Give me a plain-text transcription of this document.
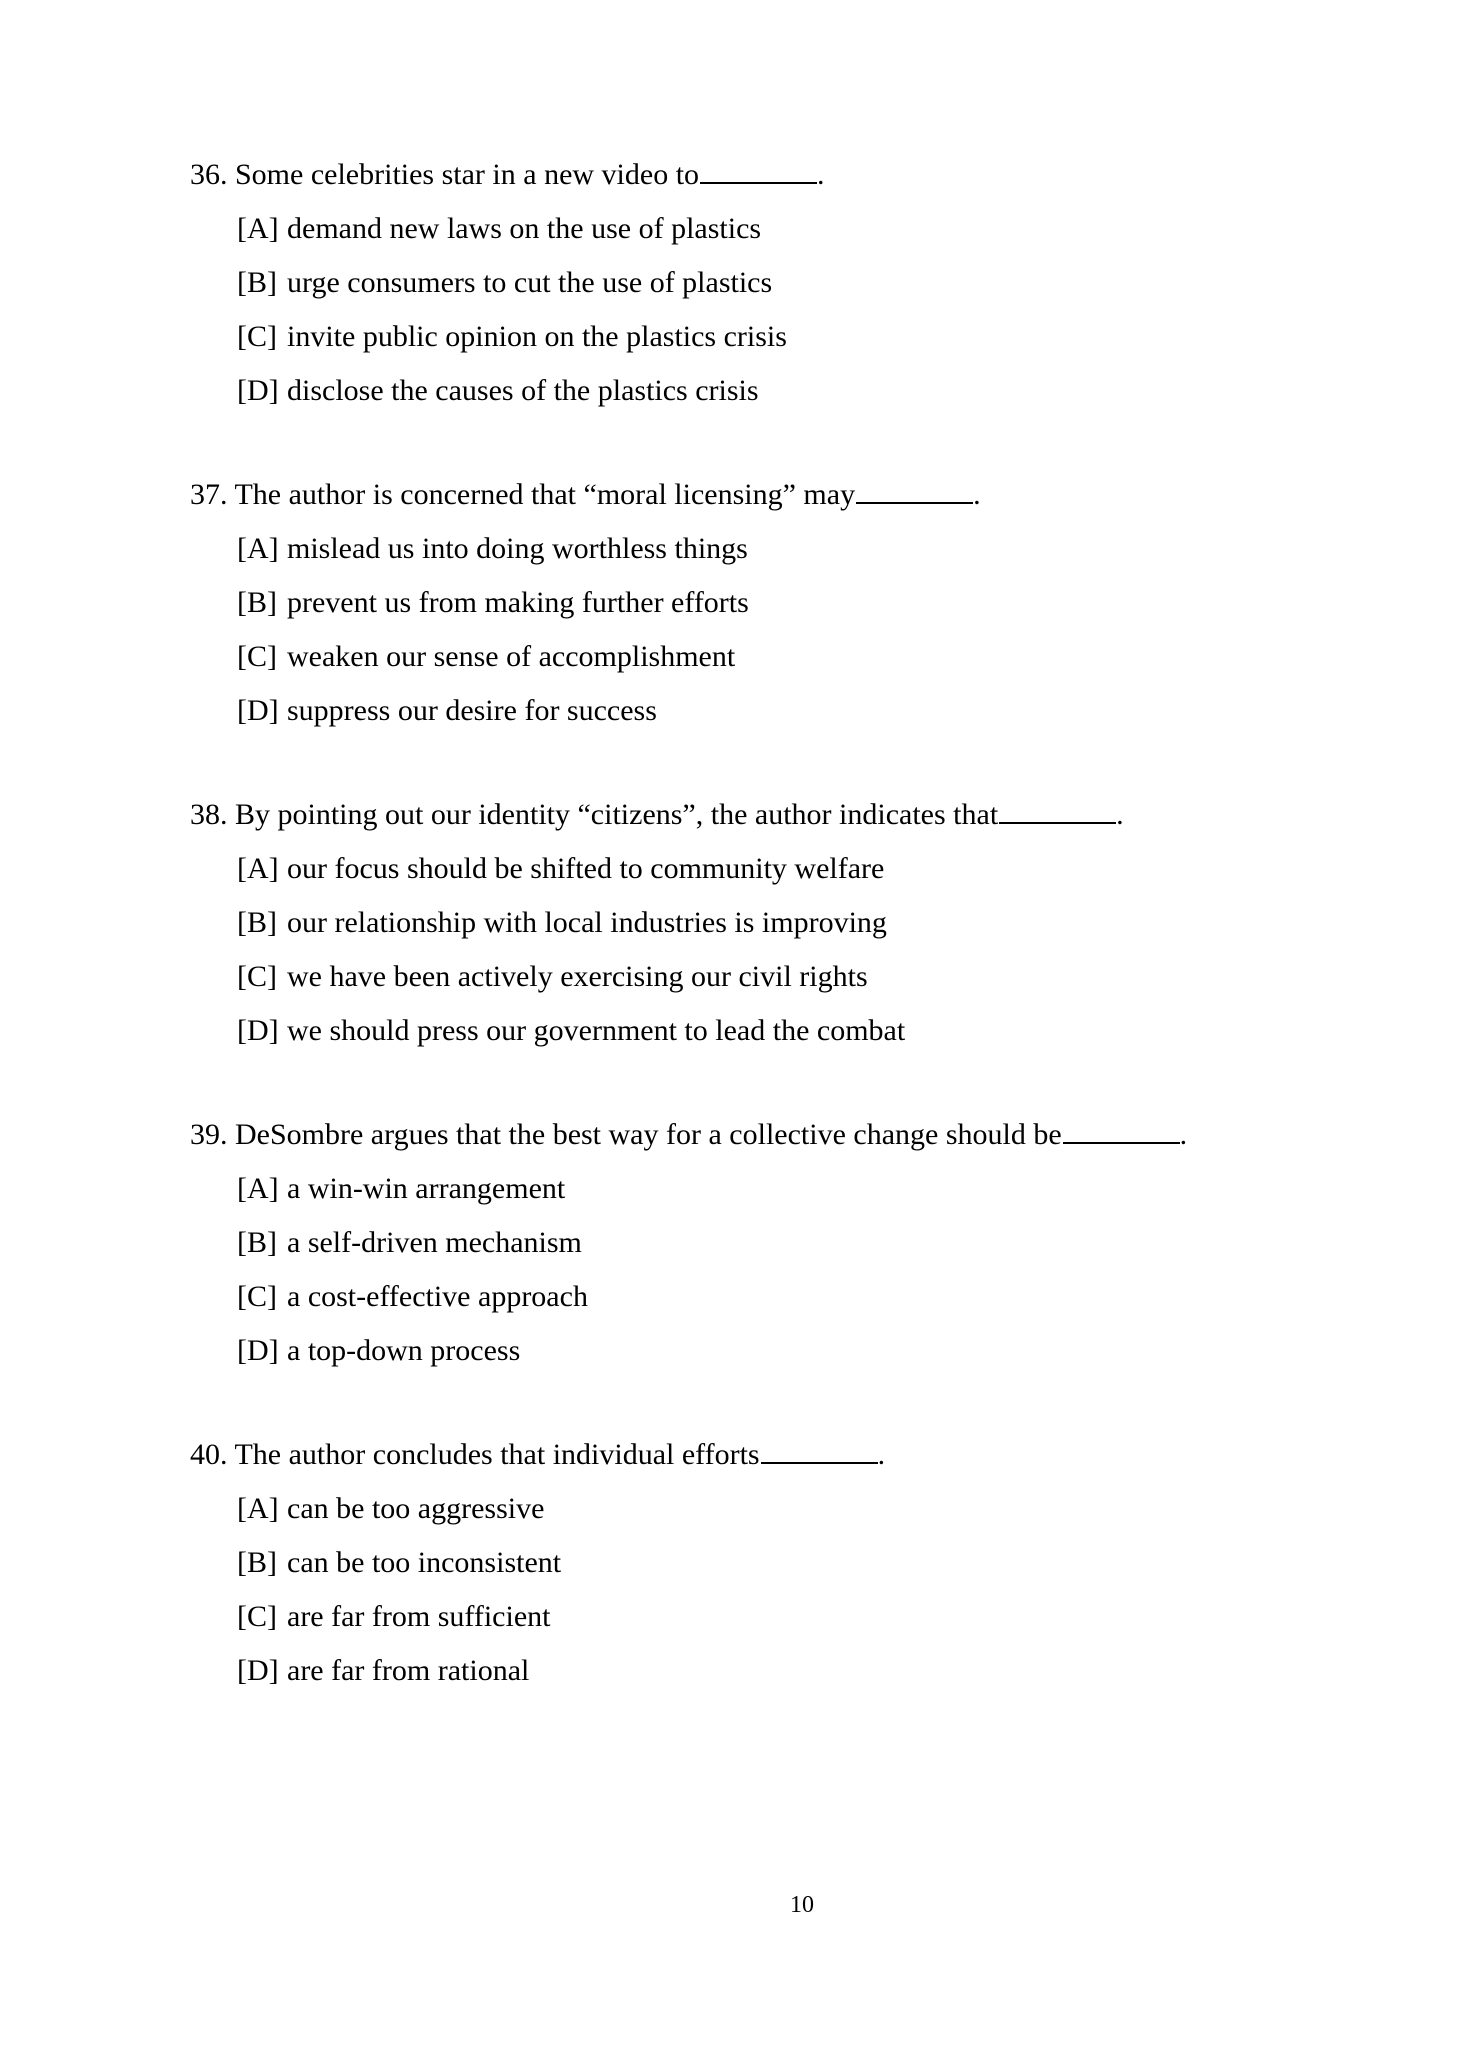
36. Some celebrities star in a new video to	.
[A] demand new laws on the use of plastics
[B] urge consumers to cut the use of plastics
[C] invite public opinion on the plastics crisis
[D] disclose the causes of the plastics crisis
37. The author is concerned that “moral licensing” may	.
[A] mislead us into doing worthless things
[B] prevent us from making further efforts
[C] weaken our sense of accomplishment
[D] suppress our desire for success
38. By pointing out our identity “citizens”, the author indicates that	.
[A] our focus should be shifted to community welfare
[B] our relationship with local industries is improving
[C] we have been actively exercising our civil rights
[D] we should press our government to lead the combat
39. DeSombre argues that the best way for a collective change should be	.
[A] a win-win arrangement
[B] a self-driven mechanism
[C] a cost-effective approach
[D] a top-down process
40. The author concludes that individual efforts	.
[A] can be too aggressive
[B] can be too inconsistent
[C] are far from sufficient
[D] are far from rational
10
